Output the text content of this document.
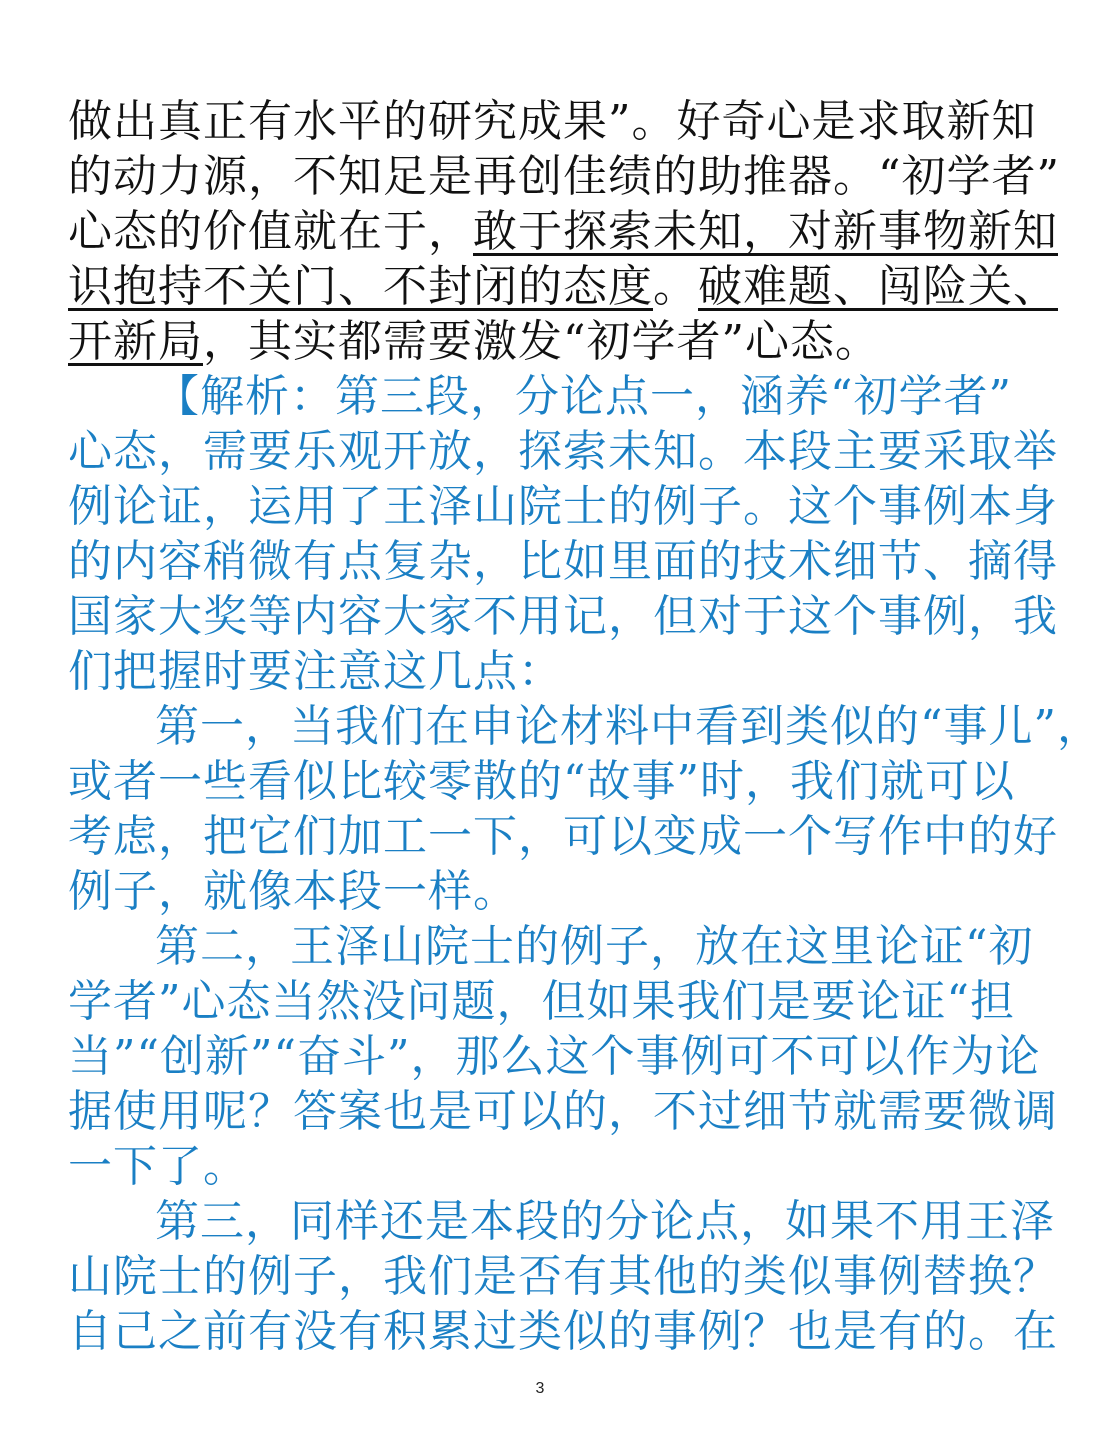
做出真正有水平的研究成果”。好奇心是求取新知
的动力源，不知足是再创佳绩的助推器。“初学者”
心态的价值就在于，敢于探索未知，对新事物新知
识抱持不关门、不封闭的态度。破难题、闯险关、
开新局，其实都需要激发“初学者”心态。
【解析：第三段，分论点一，涵养“初学者”
心态，需要乐观开放，探索未知。本段主要采取举
例论证，运用了王泽山院士的例子。这个事例本身
的内容稍微有点复杂，比如里面的技术细节、摘得
国家大奖等内容大家不用记，但对于这个事例，我
们把握时要注意这几点：
第一，当我们在申论材料中看到类似的“事儿”，
或者一些看似比较零散的“故事”时，我们就可以
考虑，把它们加工一下，可以变成一个写作中的好
例子，就像本段一样。
第二，王泽山院士的例子，放在这里论证“初
学者”心态当然没问题，但如果我们是要论证“担
当”“创新”“奋斗”，那么这个事例可不可以作为论
据使用呢？答案也是可以的，不过细节就需要微调
一下了。
第三，同样还是本段的分论点，如果不用王泽
山院士的例子，我们是否有其他的类似事例替换？
自己之前有没有积累过类似的事例？也是有的。在
3
